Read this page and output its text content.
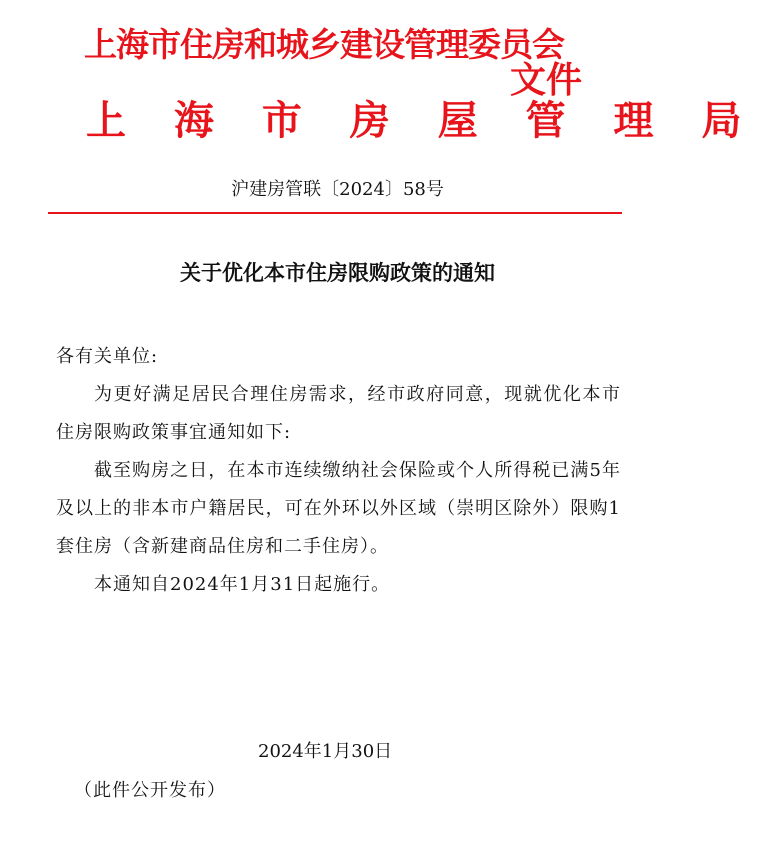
上海市住房和城乡建设管理委员会
上 海 市 房 屋 管 理 局
文件
沪建房管联〔2024〕58号
关于优化本市住房限购政策的通知

各有关单位:

为更好满足居民合理住房需求，经市政府同意，现就优化本市住房限购政策事宜通知如下:

截至购房之日，在本市连续缴纳社会保险或个人所得税已满5年及以上的非本市户籍居民，可在外环以外区域（崇明区除外）限购1套住房（含新建商品住房和二手住房）。

本通知自2024年1月31日起施行。

2024年1月30日
（此件公开发布）
